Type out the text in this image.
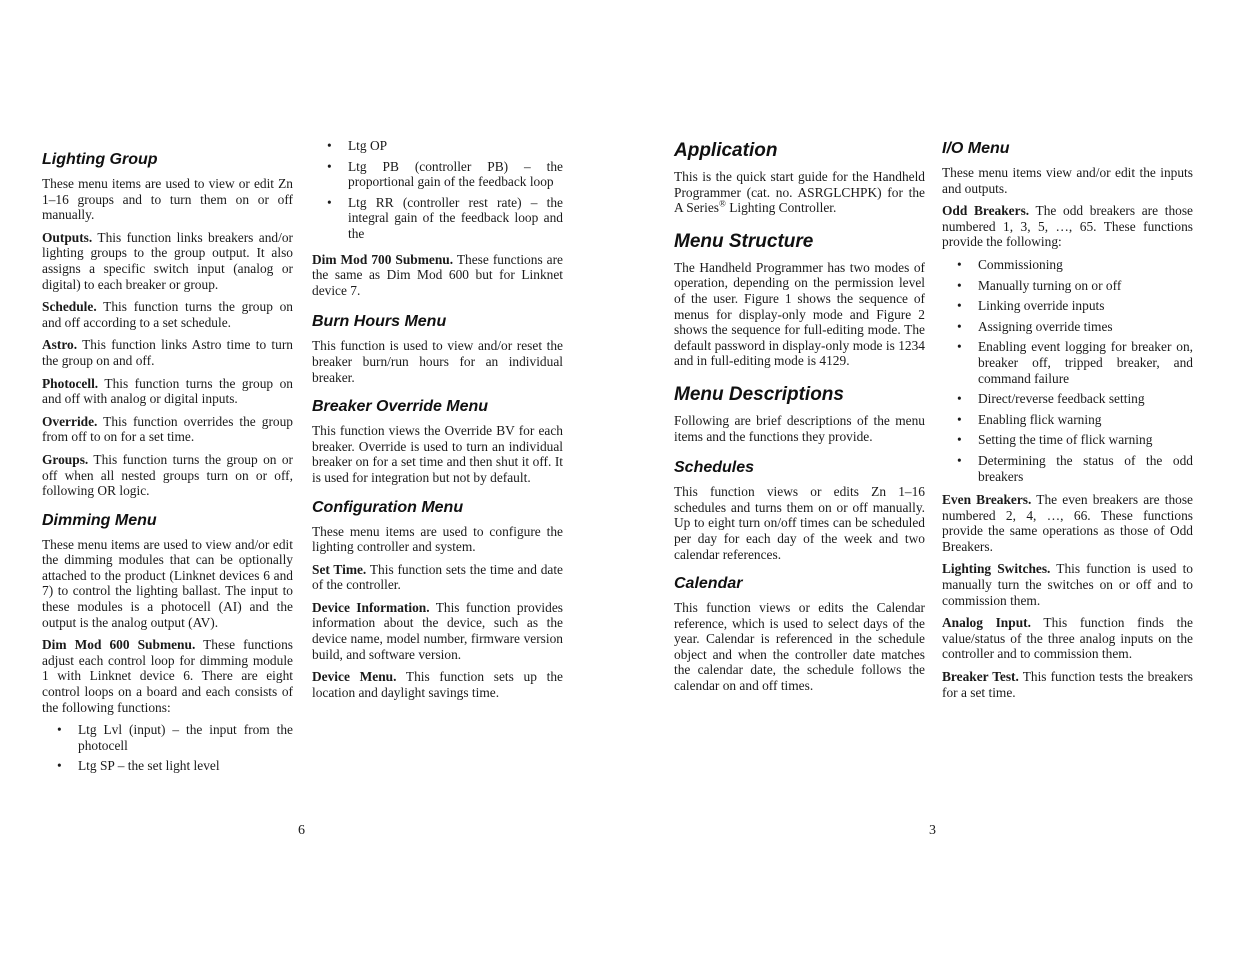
Lighting Group

These menu items are used to view or edit Zn 1–16 groups and to turn them on or off manually.

Outputs. This function links breakers and/or lighting groups to the group output. It also assigns a specific switch input (analog or digital) to each breaker or group.

Schedule. This function turns the group on and off according to a set schedule.

Astro. This function links Astro time to turn the group on and off.

Photocell. This function turns the group on and off with analog or digital inputs.

Override. This function overrides the group from off to on for a set time.

Groups. This function turns the group on or off when all nested groups turn on or off, following OR logic.

Dimming Menu

These menu items are used to view and/or edit the dimming modules that can be optionally attached to the product (Linknet devices 6 and 7) to control the lighting ballast. The input to these modules is a photocell (AI) and the output is the analog output (AV).

Dim Mod 600 Submenu. These functions adjust each control loop for dimming module 1 with Linknet device 6. There are eight control loops on a board and each consists of the following functions:

• Ltg Lvl (input) – the input from the photocell
• Ltg SP – the set light level
• Ltg OP
• Ltg PB (controller PB) – the proportional gain of the feedback loop
• Ltg RR (controller rest rate) – the integral gain of the feedback loop and the

Dim Mod 700 Submenu. These functions are the same as Dim Mod 600 but for Linknet device 7.

Burn Hours Menu

This function is used to view and/or reset the breaker burn/run hours for an individual breaker.

Breaker Override Menu

This function views the Override BV for each breaker. Override is used to turn an individual breaker on for a set time and then shut it off. It is used for integration but not by default.

Configuration Menu

These menu items are used to configure the lighting controller and system.

Set Time. This function sets the time and date of the controller.

Device Information. This function provides information about the device, such as the device name, model number, firmware version build, and software version.

Device Menu. This function sets up the location and daylight savings time.

Application

This is the quick start guide for the Handheld Programmer (cat. no. ASRGLCHPK) for the A Series® Lighting Controller.

Menu Structure

The Handheld Programmer has two modes of operation, depending on the permission level of the user. Figure 1 shows the sequence of menus for display-only mode and Figure 2 shows the sequence for full-editing mode. The default password in display-only mode is 1234 and in full-editing mode is 4129.

Menu Descriptions

Following are brief descriptions of the menu items and the functions they provide.

Schedules

This function views or edits Zn 1–16 schedules and turns them on or off manually. Up to eight turn on/off times can be scheduled per day for each day of the week and two calendar references.

Calendar

This function views or edits the Calendar reference, which is used to select days of the year. Calendar is referenced in the schedule object and when the controller date matches the calendar date, the schedule follows the calendar on and off times.

I/O Menu

These menu items view and/or edit the inputs and outputs.

Odd Breakers. The odd breakers are those numbered 1, 3, 5, …, 65. These functions provide the following:

• Commissioning
• Manually turning on or off
• Linking override inputs
• Assigning override times
• Enabling event logging for breaker on, breaker off, tripped breaker, and command failure
• Direct/reverse feedback setting
• Enabling flick warning
• Setting the time of flick warning
• Determining the status of the odd breakers

Even Breakers. The even breakers are those numbered 2, 4, …, 66. These functions provide the same operations as those of Odd Breakers.

Lighting Switches. This function is used to manually turn the switches on or off and to commission them.

Analog Input. This function finds the value/status of the three analog inputs on the controller and to commission them.

Breaker Test. This function tests the breakers for a set time.

6	3
